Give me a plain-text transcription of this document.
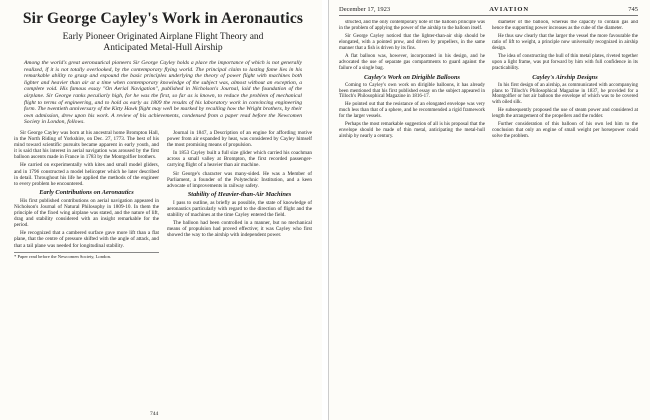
Sir George Cayley's Work in Aeronautics
Early Pioneer Originated Airplane Flight Theory and
Anticipated Metal-Hull Airship
Among the world's great aeronautical pioneers Sir George Cayley holds a place the importance of which is not generally realized, if it is not totally overlooked, by the contemporary flying world. The principal claim to lasting fame lies in his remarkable ability to grasp and expound the basic principles underlying the theory of power flight with machines both lighter and heavier than air at a time when contemporary knowledge of the subject was, almost without an exception, a complete void. His famous essay "On Aerial Navigation", published in Nicholson's Journal, laid the foundation of the airplane. Sir George ranks peculiarly high, for he was the first, so far as is known, to reduce the problem of mechanical flight to terms of engineering, and to hold as early as 1809 the results of his laboratory work in convincing engineering form. The twentieth anniversary of the Kitty Hawk flight may well be marked by recalling how the Wright brothers, by their own admission, drew upon his work. A review of his achievements, condensed from a paper read before the Newcomen Society in London, follows.

Sir George Cayley was born at his ancestral home Brompton Hall, in the North Riding of Yorkshire, on Dec. 27, 1773. The best of his mind toward scientific pursuits became apparent in early youth, and it is said that his interest in aerial navigation was aroused by the first balloon ascents made in France in 1783 by the Montgolfier brothers.

He carried on experimentally with kites and small model gliders, and in 1796 constructed a model helicopter which he later described in detail. Throughout his life he applied the methods of the engineer to every problem he encountered.

Early Contributions on Aeronautics

His first published contributions on aerial navigation appeared in Nicholson's Journal of Natural Philosophy in 1809-10. In them the principle of the fixed wing airplane was stated, and the nature of lift, drag and stability considered with an insight remarkable for the period.

He recognized that a cambered surface gave more lift than a flat plane, that the centre of pressure shifted with the angle of attack, and that a tail plane was needed for longitudinal stability.

* Paper read before the Newcomen Society, London.

Journal in 1847, a Description of an engine for affording motive power from air expanded by heat, was considered by Cayley himself the most promising means of propulsion.

In 1853 Cayley built a full size glider which carried his coachman across a small valley at Brompton, the first recorded passenger-carrying flight of a heavier than air machine.

Sir George's character was many-sided. He was a Member of Parliament, a founder of the Polytechnic Institution, and a keen advocate of improvements in railway safety.

Stability of Heavier-than-Air Machines

I pass to outline, as briefly as possible, the state of knowledge of aeronautics particularly with regard to the direction of flight and the stability of machines at the time Cayley entered the field.

The balloon had been controlled in a manner, but no mechanical means of propulsion had proved effective; it was Cayley who first showed the way to the airship with independent power.

744
December 17, 1923	AVIATION	745

structed, and the only contemporary note of the balloon principle was in the problem of applying the power of the airship to the balloon itself.

Sir George Cayley noticed that the lighter-than-air ship should be elongated, with a pointed prow, and driven by propellers, in the same manner that a fish is driven by its fins.

A flat balloon was, however, incorporated in his design, and he advocated the use of separate gas compartments to guard against the failure of a single bag.

Cayley's Work on Dirigible Balloons

Coming to Cayley's own work on dirigible balloons, it has already been mentioned that his first published essay on the subject appeared in Tilloch's Philosophical Magazine in 1816-17.

He pointed out that the resistance of an elongated envelope was very much less than that of a sphere, and he recommended a rigid framework for the larger vessels.

Perhaps the most remarkable suggestion of all is his proposal that the envelope should be made of thin metal, anticipating the metal-hull airship by nearly a century.

diameter of the balloon, whereas the capacity to contain gas and hence the supporting power increases as the cube of the diameter.

He thus saw clearly that the larger the vessel the more favourable the ratio of lift to weight, a principle now universally recognized in airship design.

The idea of constructing the hull of thin metal plates, riveted together upon a light frame, was put forward by him with full confidence in its practicability.

Cayley's Airship Designs

In his first design of an airship, as communicated with accompanying plans to Tilloch's Philosophical Magazine in 1837, he provided for a Montgolfier or hot air balloon the envelope of which was to be covered with oiled silk.

He subsequently proposed the use of steam power and considered at length the arrangement of the propellers and the rudder.

Further consideration of this balloon of his own led him to the conclusion that only an engine of small weight per horsepower could solve the problem.
